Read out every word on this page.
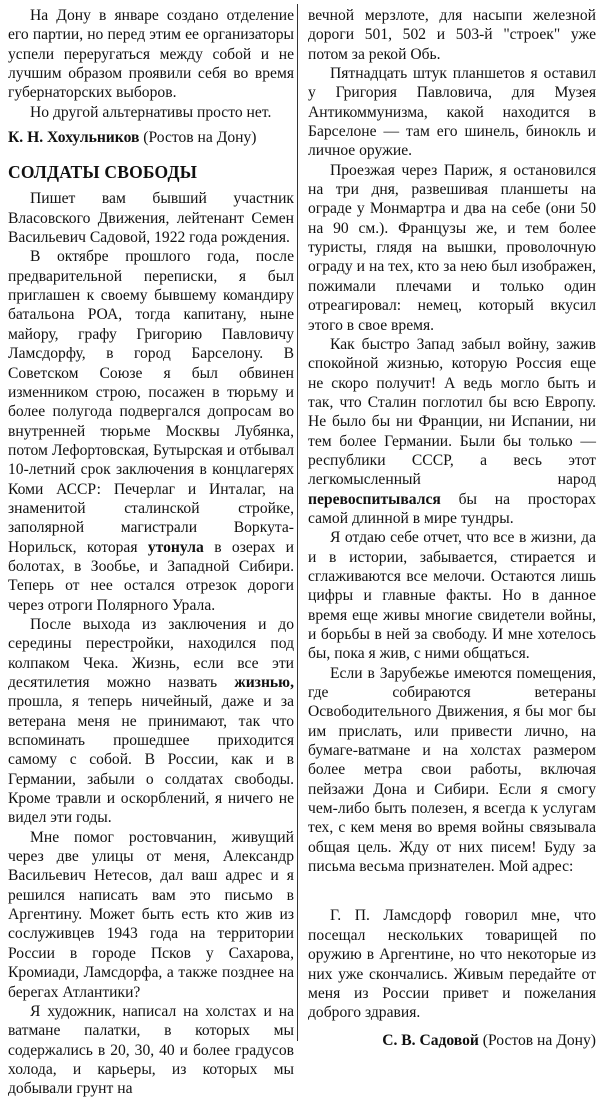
На Дону в январе создано отделение его партии, но перед этим ее организаторы успели переругаться между собой и не лучшим образом проявили себя во время губернаторских выборов.

Но другой альтернативы просто нет.

К. Н. Хохульников (Ростов на Дону)

СОЛДАТЫ СВОБОДЫ

Пишет вам бывший участник Власовского Движения, лейтенант Семен Васильевич Садовой, 1922 года рождения.

В октябре прошлого года, после предварительной переписки, я был приглашен к своему бывшему командиру батальона РОА, тогда капитану, ныне майору, графу Григорию Павловичу Ламсдорфу, в город Барселону. В Советском Союзе я был обвинен изменником строю, посажен в тюрьму и более полугода подвергался допросам во внутренней тюрьме Москвы Лубянка, потом Лефортовская, Бутырская и отбывал 10-летний срок заключения в концлагерях Коми АССР: Печерлаг и Инталаг, на знаменитой сталинской стройке, заполярной магистрали Воркута-Норильск, которая утонула в озерах и болотах, в Зообье, и Западной Сибири. Теперь от нее остался отрезок дороги через отроги Полярного Урала.

После выхода из заключения и до середины перестройки, находился под колпаком Чека. Жизнь, если все эти десятилетия можно назвать жизнью, прошла, я теперь ничейный, даже и за ветерана меня не принимают, так что вспоминать прошедшее приходится самому с собой. В России, как и в Германии, забыли о солдатах свободы. Кроме травли и оскорблений, я ничего не видел эти годы.

Мне помог ростовчанин, живущий через две улицы от меня, Александр Васильевич Нетесов, дал ваш адрес и я решился написать вам это письмо в Аргентину. Может быть есть кто жив из сослуживцев 1943 года на территории России в городе Псков у Сахарова, Кромиади, Ламсдорфа, а также позднее на берегах Атлантики?

Я художник, написал на холстах и на ватмане палатки, в которых мы содержались в 20, 30, 40 и более градусов холода, и карьеры, из которых мы добывали грунт на

вечной мерзлоте, для насыпи железной дороги 501, 502 и 503-й "строек" уже потом за рекой Обь.

Пятнадцать штук планшетов я оставил у Григория Павловича, для Музея Антикоммунизма, какой находится в Барселоне — там его шинель, бинокль и личное оружие.

Проезжая через Париж, я остановился на три дня, развешивая планшеты на ограде у Монмартра и два на себе (они 50 на 90 см.). Французы же, и тем более туристы, глядя на вышки, проволочную ограду и на тех, кто за нею был изображен, пожимали плечами и только один отреагировал: немец, который вкусил этого в свое время.

Как быстро Запад забыл войну, зажив спокойной жизнью, которую Россия еще не скоро получит! А ведь могло быть и так, что Сталин поглотил бы всю Европу. Не было бы ни Франции, ни Испании, ни тем более Германии. Были бы только — республики СССР, а весь этот легкомысленный народ перевоспитывался бы на просторах самой длинной в мире тундры.

Я отдаю себе отчет, что все в жизни, да и в истории, забывается, стирается и сглаживаются все мелочи. Остаются лишь цифры и главные факты. Но в данное время еще живы многие свидетели войны, и борьбы в ней за свободу. И мне хотелось бы, пока я жив, с ними общаться.

Если в Зарубежье имеются помещения, где собираются ветераны Освободительного Движения, я бы мог бы им прислать, или привести лично, на бумаге-ватмане и на холстах размером более метра свои работы, включая пейзажи Дона и Сибири. Если я смогу чем-либо быть полезен, я всегда к услугам тех, с кем меня во время войны связывала общая цель. Жду от них писем! Буду за письма весьма признателен. Мой адрес:

Г. П. Ламсдорф говорил мне, что посещал нескольких товарищей по оружию в Аргентине, но что некоторые из них уже скончались. Живым передайте от меня из России привет и пожелания доброго здравия.

С. В. Садовой (Ростов на Дону)
